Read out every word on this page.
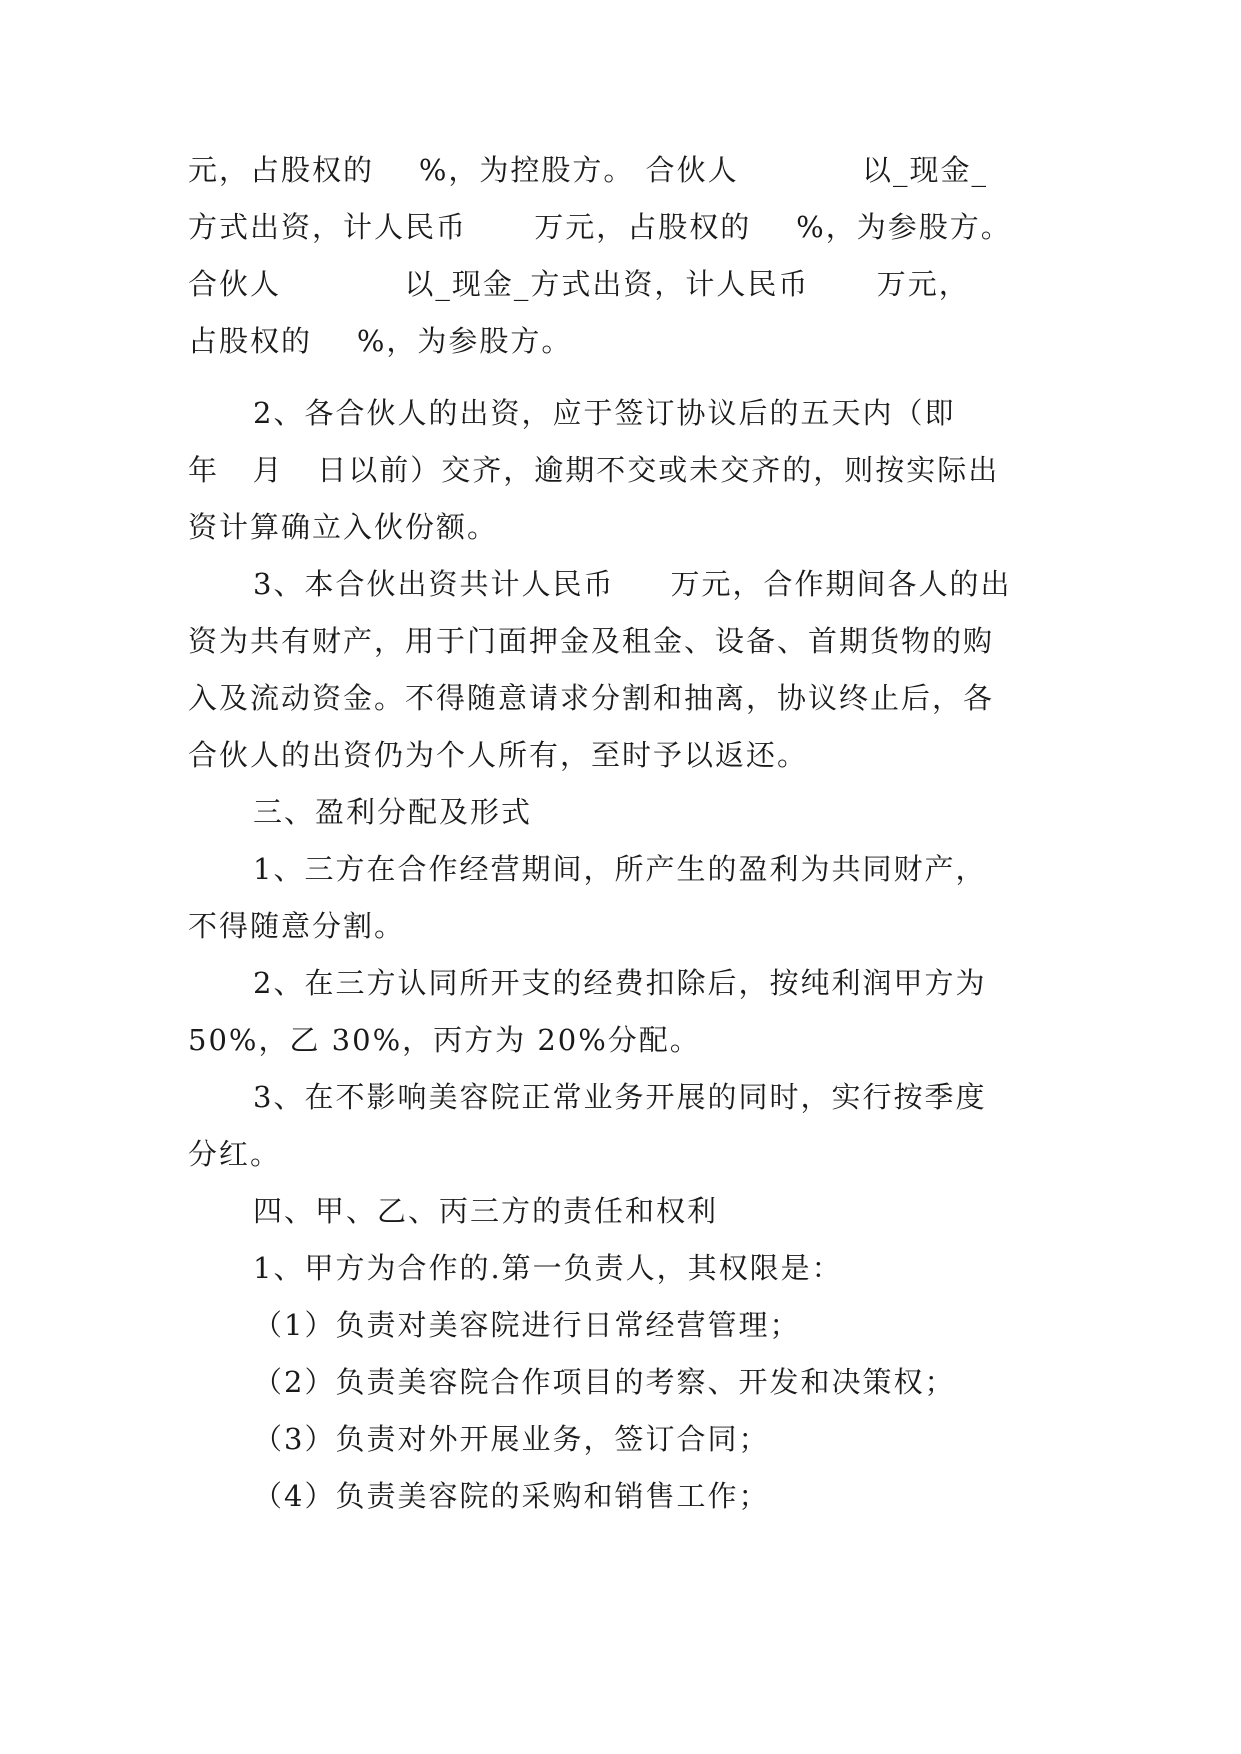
元，占股权的    %，为控股方。 合伙人           以_现金_
方式出资，计人民币      万元，占股权的    %，为参股方。
合伙人           以_现金_方式出资，计人民币      万元，
占股权的    %，为参股方。
2、各合伙人的出资，应于签订协议后的五天内（即
年   月   日以前）交齐，逾期不交或未交齐的，则按实际出
资计算确立入伙份额。
3、本合伙出资共计人民币     万元，合作期间各人的出
资为共有财产，用于门面押金及租金、设备、首期货物的购
入及流动资金。不得随意请求分割和抽离，协议终止后，各
合伙人的出资仍为个人所有，至时予以返还。
三、盈利分配及形式
1、三方在合作经营期间，所产生的盈利为共同财产，
不得随意分割。
2、在三方认同所开支的经费扣除后，按纯利润甲方为
50%，乙 30%，丙方为 20%分配。
3、在不影响美容院正常业务开展的同时，实行按季度
分红。
四、甲、乙、丙三方的责任和权利
1、甲方为合作的.第一负责人，其权限是：
（1）负责对美容院进行日常经营管理；
（2）负责美容院合作项目的考察、开发和决策权；
（3）负责对外开展业务，签订合同；
（4）负责美容院的采购和销售工作；
